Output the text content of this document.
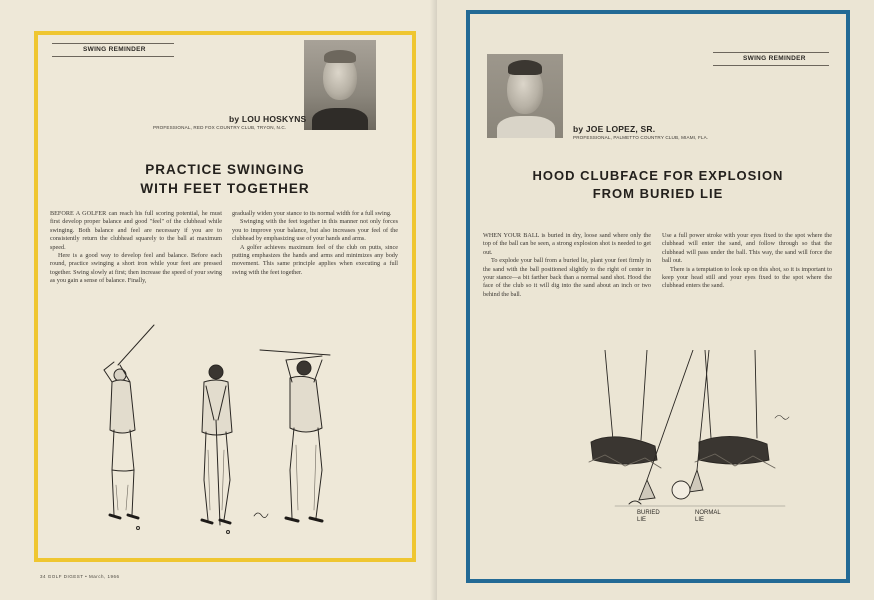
SWING REMINDER
by LOU HOSKYNS
PROFESSIONAL, RED FOX COUNTRY CLUB, TRYON, N.C.
PRACTICE SWINGING
WITH FEET TOGETHER

BEFORE A GOLFER can reach his full scoring potential, he must first develop proper balance and good "feel" of the clubhead while swinging. Both balance and feel are necessary if you are to consistently return the clubhead squarely to the ball at maximum speed.

Here is a good way to develop feel and balance. Before each round, practice swinging a short iron while your feet are pressed together. Swing slowly at first; then increase the speed of your swing as you gain a sense of balance. Finally,

gradually widen your stance to its normal width for a full swing.

Swinging with the feet together in this manner not only forces you to improve your balance, but also increases your feel of the clubhead by emphasizing use of your hands and arms.

A golfer achieves maximum feel of the club on putts, since putting emphasizes the hands and arms and minimizes any body movement. This same principle applies when executing a full swing with the feet together.

34 GOLF DIGEST • March, 1966
SWING REMINDER
by JOE LOPEZ, SR.
PROFESSIONAL, PALMETTO COUNTRY CLUB, MIAMI, FLA.
HOOD CLUBFACE FOR EXPLOSION
FROM BURIED LIE

WHEN YOUR BALL is buried in dry, loose sand where only the top of the ball can be seen, a strong explosion shot is needed to get out.

To explode your ball from a buried lie, plant your feet firmly in the sand with the ball positioned slightly to the right of center in your stance—a bit farther back than a normal sand shot. Hood the face of the club so it will dig into the sand about an inch or two behind the ball.

Use a full power stroke with your eyes fixed to the spot where the clubhead will enter the sand, and follow through so that the clubhead will pass under the ball. This way, the sand will force the ball out.

There is a temptation to look up on this shot, so it is important to keep your head still and your eyes fixed to the spot where the clubhead enters the sand.

BURIED
LIE
NORMAL
LIE
